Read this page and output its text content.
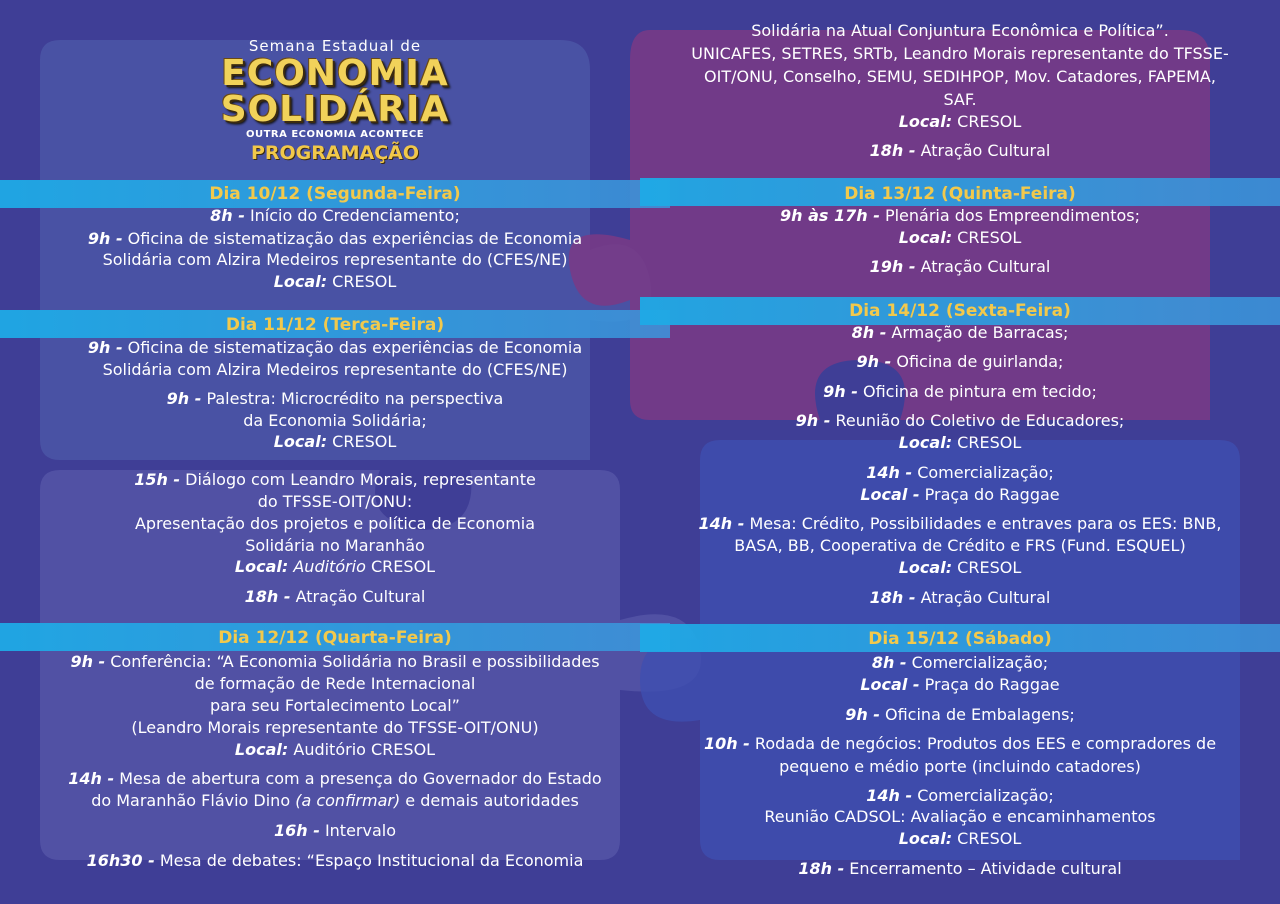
Semana Estadual de
ECONOMIA
SOLIDÁRIA
OUTRA ECONOMIA ACONTECE
PROGRAMAÇÃO
Dia 10/12 (Segunda-Feira)
8h - Início do Credenciamento;
9h - Oficina de sistematização das experiências de Economia
Solidária com Alzira Medeiros representante do (CFES/NE)
Local: CRESOL
Dia 11/12 (Terça-Feira)
9h - Oficina de sistematização das experiências de Economia
Solidária com Alzira Medeiros representante do (CFES/NE)
9h - Palestra: Microcrédito na perspectiva
da Economia Solidária;
Local: CRESOL
15h - Diálogo com Leandro Morais, representante
do TFSSE-OIT/ONU:
Apresentação dos projetos e política de Economia
Solidária no Maranhão
Local: Auditório CRESOL
18h - Atração Cultural
Dia 12/12 (Quarta-Feira)
9h - Conferência: “A Economia Solidária no Brasil e possibilidades
de formação de Rede Internacional
para seu Fortalecimento Local”
(Leandro Morais representante do TFSSE-OIT/ONU)
Local: Auditório CRESOL
14h - Mesa de abertura com a presença do Governador do Estado
do Maranhão Flávio Dino (a confirmar) e demais autoridades
16h - Intervalo
16h30 - Mesa de debates: “Espaço Institucional da Economia
Solidária na Atual Conjuntura Econômica e Política”.
UNICAFES, SETRES, SRTb, Leandro Morais representante do TFSSE-
OIT/ONU, Conselho, SEMU, SEDIHPOP, Mov. Catadores, FAPEMA,
SAF.
Local: CRESOL
18h - Atração Cultural
Dia 13/12 (Quinta-Feira)
9h às 17h - Plenária dos Empreendimentos;
Local: CRESOL
19h - Atração Cultural
Dia 14/12 (Sexta-Feira)
8h - Armação de Barracas;
9h - Oficina de guirlanda;
9h - Oficina de pintura em tecido;
9h - Reunião do Coletivo de Educadores;
Local: CRESOL
14h - Comercialização;
Local - Praça do Raggae
14h - Mesa: Crédito, Possibilidades e entraves para os EES: BNB,
BASA, BB, Cooperativa de Crédito e FRS (Fund. ESQUEL)
Local: CRESOL
18h - Atração Cultural
Dia 15/12 (Sábado)
8h - Comercialização;
Local - Praça do Raggae
9h - Oficina de Embalagens;
10h - Rodada de negócios: Produtos dos EES e compradores de
pequeno e médio porte (incluindo catadores)
14h - Comercialização;
Reunião CADSOL: Avaliação e encaminhamentos
Local: CRESOL
18h - Encerramento – Atividade cultural
